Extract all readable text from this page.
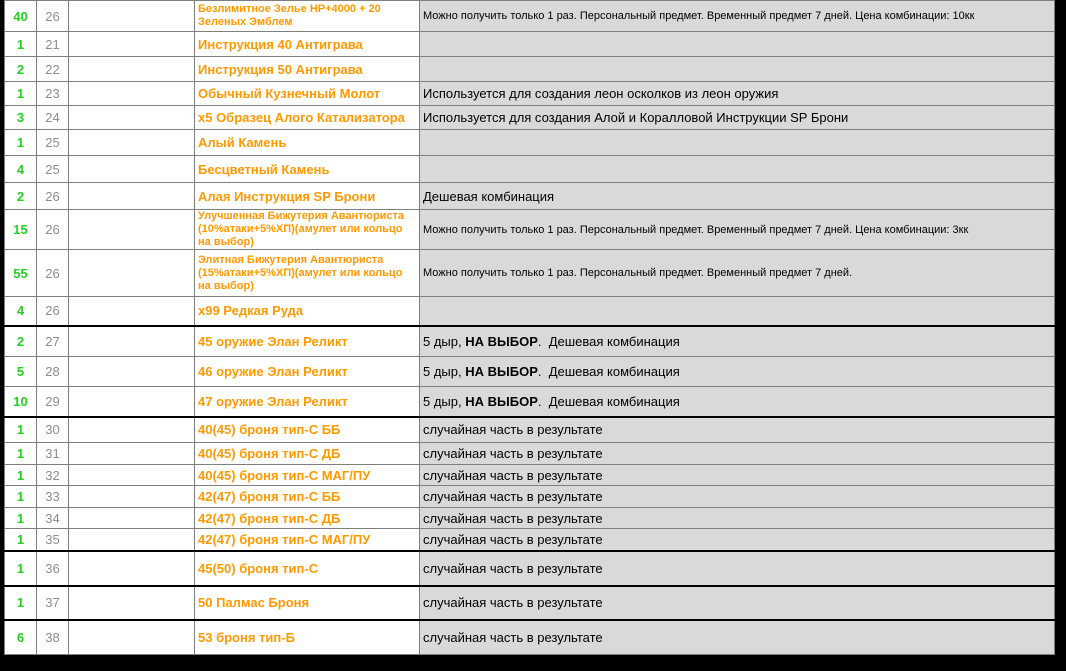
40	26		Безлимитное Зелье HP+4000 + 20 Зеленых Эмблем	Можно получить только 1 раз. Персональный предмет. Временный предмет 7 дней. Цена комбинации: 10кк
1	21		Инструкция 40 Антиграва	
2	22		Инструкция 50 Антиграва	
1	23		Обычный Кузнечный Молот	Используется для создания леон осколков из леон оружия
3	24		x5 Образец Алого Катализатора	Используется для создания Алой и Коралловой Инструкции SP Брони
1	25		Алый Камень	
4	25		Бесцветный Камень	
2	26		Алая Инструкция SP Брони	Дешевая комбинация
15	26		Улучшенная Бижутерия Авантюриста (10%атаки+5%ХП)(амулет или кольцо на выбор)	Можно получить только 1 раз. Персональный предмет. Временный предмет 7 дней. Цена комбинации: 3кк
55	26		Элитная Бижутерия Авантюриста (15%атаки+5%ХП)(амулет или кольцо на выбор)	Можно получить только 1 раз. Персональный предмет. Временный предмет 7 дней.
4	26		x99 Редкая Руда	
2	27		45 оружие Элан Реликт	5 дыр, НА ВЫБОР.  Дешевая комбинация
5	28		46 оружие Элан Реликт	5 дыр, НА ВЫБОР.  Дешевая комбинация
10	29		47 оружие Элан Реликт	5 дыр, НА ВЫБОР.  Дешевая комбинация
1	30		40(45) броня тип-С ББ	случайная часть в результате
1	31		40(45) броня тип-С ДБ	случайная часть в результате
1	32		40(45) броня тип-С МАГ/ПУ	случайная часть в результате
1	33		42(47) броня тип-С ББ	случайная часть в результате
1	34		42(47) броня тип-С ДБ	случайная часть в результате
1	35		42(47) броня тип-С МАГ/ПУ	случайная часть в результате
1	36		45(50) броня тип-С	случайная часть в результате
1	37		50 Палмас Броня	случайная часть в результате
6	38		53 броня тип-Б	случайная часть в результате
